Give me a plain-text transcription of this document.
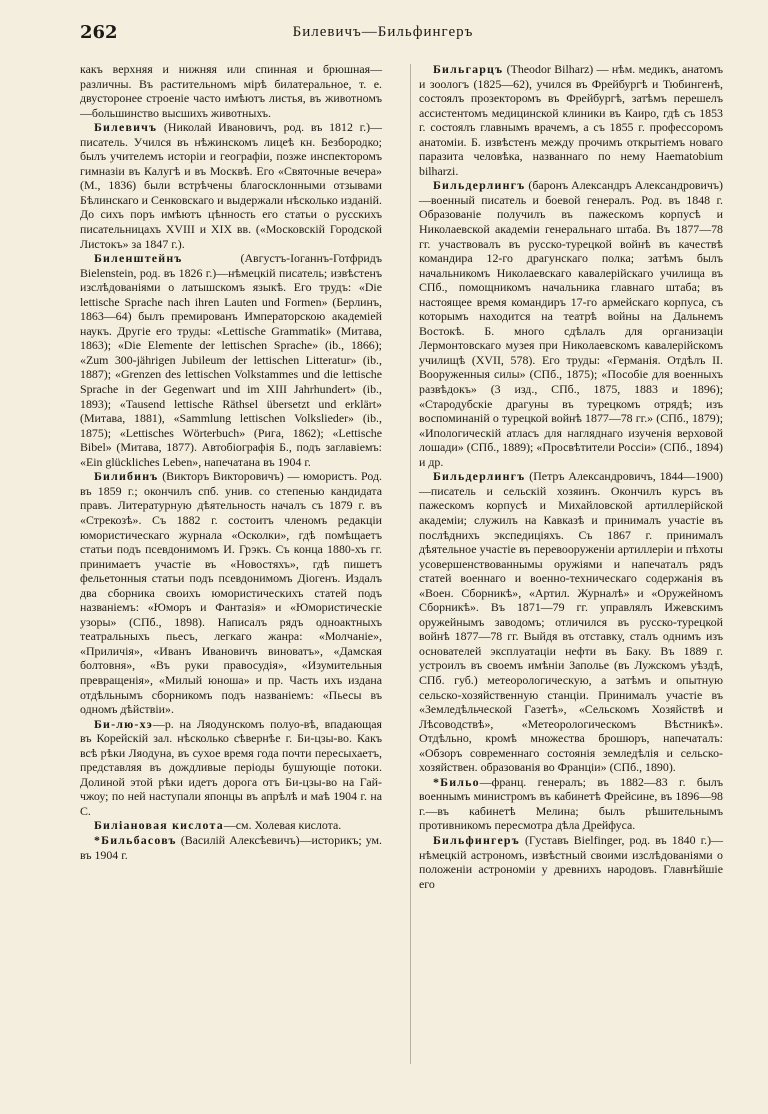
262	Билевичъ—Бильфингеръ

какъ верхняя и нижняя или спинная и брюшная—различны. Въ растительномъ мірѣ билатеральное, т. е. двусторонее строеніе часто имѣютъ листья, въ животномъ—большинство высшихъ животныхъ.

Билевичъ (Николай Ивановичъ, род. въ 1812 г.)—писатель. Учился въ нѣжинскомъ лицеѣ кн. Безбородко; былъ учителемъ исторіи и географіи, позже инспекторомъ гимназіи въ Калугѣ и въ Москвѣ. Его «Святочные вечера» (М., 1836) были встрѣчены благосклонными отзывами Бѣлинскаго и Сенковскаго и выдержали нѣсколько изданій. До сихъ поръ имѣютъ цѣнность его статьи о русскихъ писательницахъ XVIII и XIX вв. («Московскій Городской Листокъ» за 1847 г.).

Биленштейнъ (Августъ-Іоганнъ-Готфридъ Bielenstein, род. въ 1826 г.)—нѣмецкій писатель; извѣстенъ изслѣдованіями о латышскомъ языкѣ. Его трудъ: «Die lettische Sprache nach ihren Lauten und Formen» (Берлинъ, 1863—64) былъ премированъ Императорскою академіей наукъ. Другіе его труды: «Lettische Grammatik» (Митава, 1863); «Die Elemente der lettischen Sprache» (ib., 1866); «Zum 300-jährigen Jubileum der lettischen Litteratur» (ib., 1887); «Grenzen des lettischen Volkstammes und die lettische Sprache in der Gegenwart und im XIII Jahrhundert» (ib., 1893); «Tausend lettische Räthsel übersetzt und erklärt» (Митава, 1881), «Sammlung lettischen Volkslieder» (ib., 1875); «Lettisches Wörterbuch» (Рига, 1862); «Lettische Bibel» (Митава, 1877). Автобіографія Б., подъ заглавіемъ: «Ein glückliches Leben», напечатана въ 1904 г.

Билибинъ (Викторъ Викторовичъ) — юмористъ. Род. въ 1859 г.; окончилъ спб. унив. со степенью кандидата правъ. Литературную дѣятельность началъ съ 1879 г. въ «Стрекозѣ». Съ 1882 г. состоитъ членомъ редакціи юмористическаго журнала «Осколки», гдѣ помѣщаетъ статьи подъ псевдонимомъ И. Грэкъ. Съ конца 1880-хъ гг. принимаетъ участіе въ «Новостяхъ», гдѣ пишетъ фельетонныя статьи подъ псевдонимомъ Діогенъ. Издалъ два сборника своихъ юмористическихъ статей подъ названіемъ: «Юморъ и Фантазія» и «Юмористическіе узоры» (СПб., 1898). Написалъ рядъ одноактныхъ театральныхъ пьесъ, легкаго жанра: «Молчаніе», «Приличія», «Иванъ Ивановичъ виноватъ», «Дамская болтовня», «Въ руки правосудія», «Изумительныя превращенія», «Милый юноша» и пр. Часть ихъ издана отдѣльнымъ сборникомъ подъ названіемъ: «Пьесы въ одномъ дѣйствіи».

Би-лю-хэ—р. на Ляодунскомъ полуо-вѣ, впадающая въ Корейскій зал. нѣсколько сѣвернѣе г. Би-цзы-во. Какъ всѣ рѣки Ляодуна, въ сухое время года почти пересыхаетъ, представляя въ дождливые періоды бушующіе потоки. Долиной этой рѣки идетъ дорога отъ Би-цзы-во на Гай-чжоу; по ней наступали японцы въ апрѣлѣ и маѣ 1904 г. на С.

Биліановая кислота—см. Холевая кислота.

*Бильбасовъ (Василій Алексѣевичъ)—историкъ; ум. въ 1904 г.

Бильгарцъ (Theodor Bilharz) — нѣм. медикъ, анатомъ и зоологъ (1825—62), учился въ Фрейбургѣ и Тюбингенѣ, состоялъ прозекторомъ въ Фрейбургѣ, затѣмъ перешелъ ассистентомъ медицинской клиники въ Каиро, гдѣ съ 1853 г. состоялъ главнымъ врачемъ, а съ 1855 г. профессоромъ анатоміи. Б. извѣстенъ между прочимъ открытіемъ новаго паразита человѣка, названнаго по нему Haematobium bilharzi.

Бильдерлингъ (баронъ Александръ Александровичъ)—военный писатель и боевой генералъ. Род. въ 1848 г. Образованіе получилъ въ пажескомъ корпусѣ и Николаевской академіи генеральнаго штаба. Въ 1877—78 гг. участвовалъ въ русско-турецкой войнѣ въ качествѣ командира 12-го драгунскаго полка; затѣмъ былъ начальникомъ Николаевскаго кавалерійскаго училища въ СПб., помощникомъ начальника главнаго штаба; въ настоящее время командиръ 17-го армейскаго корпуса, съ которымъ находится на театрѣ войны на Дальнемъ Востокѣ. Б. много сдѣлалъ для организаціи Лермонтовскаго музея при Николаевскомъ кавалерійскомъ училищѣ (XVII, 578). Его труды: «Германія. Отдѣлъ II. Вооруженныя силы» (СПб., 1875); «Пособіе для военныхъ развѣдокъ» (3 изд., СПб., 1875, 1883 и 1896); «Стародубскіе драгуны въ турецкомъ отрядѣ; изъ воспоминаній о турецкой войнѣ 1877—78 гг.» (СПб., 1879); «Ипологическій атласъ для нагляднаго изученія верховой лошади» (СПб., 1889); «Просвѣтители Россіи» (СПб., 1894) и др.

Бильдерлингъ (Петръ Александровичъ, 1844—1900)—писатель и сельскій хозяинъ. Окончилъ курсъ въ пажескомъ корпусѣ и Михайловской артиллерійской академіи; служилъ на Кавказѣ и принималъ участіе въ послѣднихъ экспедиціяхъ. Съ 1867 г. принималъ дѣятельное участіе въ перевооруженіи артиллеріи и пѣхоты усовершенствованнымы оружіями и напечаталъ рядъ статей военнаго и военно-техническаго содержанія въ «Воен. Сборникѣ», «Артил. Журналѣ» и «Оружейномъ Сборникѣ». Въ 1871—79 гг. управлялъ Ижевскимъ оружейнымъ заводомъ; отличился въ русско-турецкой войнѣ 1877—78 гг. Выйдя въ отставку, сталъ однимъ изъ основателей эксплуатаціи нефти въ Баку. Въ 1889 г. устроилъ въ своемъ имѣніи Заполье (въ Лужскомъ уѣздѣ, СПб. губ.) метеорологическую, а затѣмъ и опытную сельско-хозяйственную станціи. Принималъ участіе въ «Земледѣльческой Газетѣ», «Сельскомъ Хозяйствѣ и Лѣсоводствѣ», «Метеорологическомъ Вѣстникѣ». Отдѣльно, кромѣ множества брошюръ, напечаталъ: «Обзоръ современнаго состоянія земледѣлія и сельско-хозяйствен. образованія во Франціи» (СПб., 1890).

*Бильо—франц. генералъ; въ 1882—83 г. былъ военнымъ министромъ въ кабинетѣ Фрейсине, въ 1896—98 г.—въ кабинетѣ Мелина; былъ рѣшительнымъ противникомъ пересмотра дѣла Дрейфуса.

Бильфингеръ (Густавъ Bielfinger, род. въ 1840 г.)—нѣмецкій астрономъ, извѣстный своими изслѣдованіями о положеніи астрономіи у древнихъ народовъ. Главнѣйшіе его
